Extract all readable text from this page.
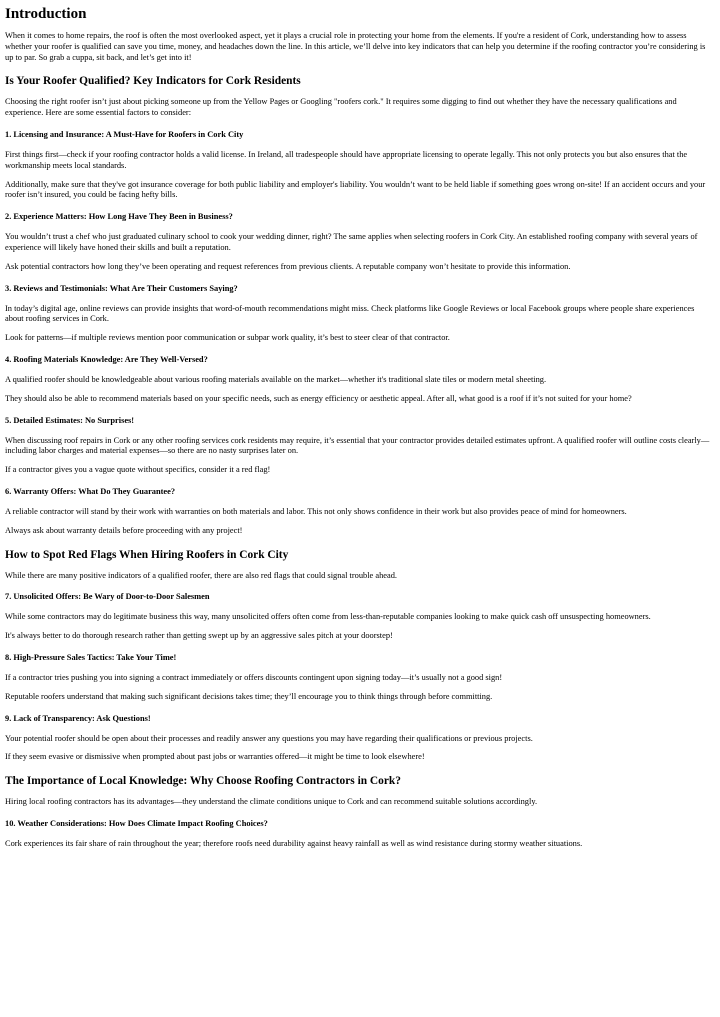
Introduction

When it comes to home repairs, the roof is often the most overlooked aspect, yet it plays a crucial role in protecting your home from the elements. If you're a resident of Cork, understanding how to assess whether your roofer is qualified can save you time, money, and headaches down the line. In this article, we’ll delve into key indicators that can help you determine if the roofing contractor you’re considering is up to par. So grab a cuppa, sit back, and let’s get into it!

Is Your Roofer Qualified? Key Indicators for Cork Residents

Choosing the right roofer isn’t just about picking someone up from the Yellow Pages or Googling "roofers cork." It requires some digging to find out whether they have the necessary qualifications and experience. Here are some essential factors to consider:

1. Licensing and Insurance: A Must-Have for Roofers in Cork City

First things first—check if your roofing contractor holds a valid license. In Ireland, all tradespeople should have appropriate licensing to operate legally. This not only protects you but also ensures that the workmanship meets local standards.

Additionally, make sure that they've got insurance coverage for both public liability and employer's liability. You wouldn’t want to be held liable if something goes wrong on-site! If an accident occurs and your roofer isn’t insured, you could be facing hefty bills.

2. Experience Matters: How Long Have They Been in Business?

You wouldn’t trust a chef who just graduated culinary school to cook your wedding dinner, right? The same applies when selecting roofers in Cork City. An established roofing company with several years of experience will likely have honed their skills and built a reputation.

Ask potential contractors how long they’ve been operating and request references from previous clients. A reputable company won’t hesitate to provide this information.

3. Reviews and Testimonials: What Are Their Customers Saying?

In today’s digital age, online reviews can provide insights that word-of-mouth recommendations might miss. Check platforms like Google Reviews or local Facebook groups where people share experiences about roofing services in Cork.

Look for patterns—if multiple reviews mention poor communication or subpar work quality, it’s best to steer clear of that contractor.

4. Roofing Materials Knowledge: Are They Well-Versed?

A qualified roofer should be knowledgeable about various roofing materials available on the market—whether it's traditional slate tiles or modern metal sheeting.

They should also be able to recommend materials based on your specific needs, such as energy efficiency or aesthetic appeal. After all, what good is a roof if it’s not suited for your home?

5. Detailed Estimates: No Surprises!

When discussing roof repairs in Cork or any other roofing services cork residents may require, it’s essential that your contractor provides detailed estimates upfront. A qualified roofer will outline costs clearly—including labor charges and material expenses—so there are no nasty surprises later on.

If a contractor gives you a vague quote without specifics, consider it a red flag!

6. Warranty Offers: What Do They Guarantee?

A reliable contractor will stand by their work with warranties on both materials and labor. This not only shows confidence in their work but also provides peace of mind for homeowners.

Always ask about warranty details before proceeding with any project!

How to Spot Red Flags When Hiring Roofers in Cork City

While there are many positive indicators of a qualified roofer, there are also red flags that could signal trouble ahead.

7. Unsolicited Offers: Be Wary of Door-to-Door Salesmen

While some contractors may do legitimate business this way, many unsolicited offers often come from less-than-reputable companies looking to make quick cash off unsuspecting homeowners.

It's always better to do thorough research rather than getting swept up by an aggressive sales pitch at your doorstep!

8. High-Pressure Sales Tactics: Take Your Time!

If a contractor tries pushing you into signing a contract immediately or offers discounts contingent upon signing today—it’s usually not a good sign!

Reputable roofers understand that making such significant decisions takes time; they’ll encourage you to think things through before committing.

9. Lack of Transparency: Ask Questions!

Your potential roofer should be open about their processes and readily answer any questions you may have regarding their qualifications or previous projects.

If they seem evasive or dismissive when prompted about past jobs or warranties offered—it might be time to look elsewhere!

The Importance of Local Knowledge: Why Choose Roofing Contractors in Cork?

Hiring local roofing contractors has its advantages—they understand the climate conditions unique to Cork and can recommend suitable solutions accordingly.

10. Weather Considerations: How Does Climate Impact Roofing Choices?

Cork experiences its fair share of rain throughout the year; therefore roofs need durability against heavy rainfall as well as wind resistance during stormy weather situations.
